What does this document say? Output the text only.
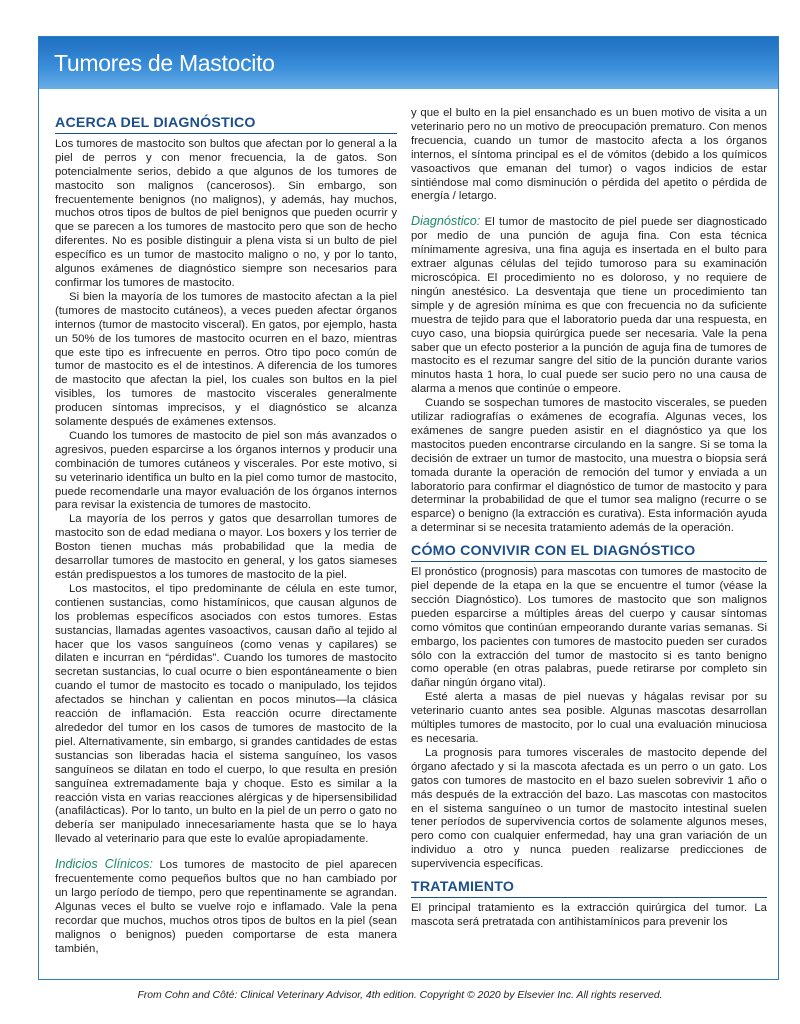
Tumores de Mastocito
ACERCA DEL DIAGNÓSTICO

Los tumores de mastocito son bultos que afectan por lo general a la piel de perros y con menor frecuencia, la de gatos. Son potencialmente serios, debido a que algunos de los tumores de mastocito son malignos (cancerosos). Sin embargo, son frecuentemente benignos (no malignos), y además, hay muchos, muchos otros tipos de bultos de piel benignos que pueden ocurrir y que se parecen a los tumores de mastocito pero que son de hecho diferentes. No es posible distinguir a plena vista si un bulto de piel específico es un tumor de mastocito maligno o no, y por lo tanto, algunos exámenes de diagnóstico siempre son necesarios para confirmar los tumores de mastocito.

Si bien la mayoría de los tumores de mastocito afectan a la piel (tumores de mastocito cutáneos), a veces pueden afectar órganos internos (tumor de mastocito visceral). En gatos, por ejemplo, hasta un 50% de los tumores de mastocito ocurren en el bazo, mientras que este tipo es infrecuente en perros. Otro tipo poco común de tumor de mastocito es el de intestinos. A diferencia de los tumores de mastocito que afectan la piel, los cuales son bultos en la piel visibles, los tumores de mastocito viscerales generalmente producen síntomas imprecisos, y el diagnóstico se alcanza solamente después de exámenes extensos.

Cuando los tumores de mastocito de piel son más avanzados o agresivos, pueden esparcirse a los órganos internos y producir una combinación de tumores cutáneos y viscerales. Por este motivo, si su veterinario identifica un bulto en la piel como tumor de mastocito, puede recomendarle una mayor evaluación de los órganos internos para revisar la existencia de tumores de mastocito.

La mayoría de los perros y gatos que desarrollan tumores de mastocito son de edad mediana o mayor. Los boxers y los terrier de Boston tienen muchas más probabilidad que la media de desarrollar tumores de mastocito en general, y los gatos siameses están predispuestos a los tumores de mastocito de la piel.

Los mastocitos, el tipo predominante de célula en este tumor, contienen sustancias, como histamínicos, que causan algunos de los problemas específicos asociados con estos tumores. Estas sustancias, llamadas agentes vasoactivos, causan daño al tejido al hacer que los vasos sanguíneos (como venas y capilares) se dilaten e incurran en “pérdidas”. Cuando los tumores de mastocito secretan sustancias, lo cual ocurre o bien espontáneamente o bien cuando el tumor de mastocito es tocado o manipulado, los tejidos afectados se hinchan y calientan en pocos minutos—la clásica reacción de inflamación. Esta reacción ocurre directamente alrededor del tumor en los casos de tumores de mastocito de la piel. Alternativamente, sin embargo, si grandes cantidades de estas sustancias son liberadas hacia el sistema sanguíneo, los vasos sanguíneos se dilatan en todo el cuerpo, lo que resulta en presión sanguínea extremadamente baja y choque. Esto es similar a la reacción vista en varias reacciones alérgicas y de hipersensibilidad (anafilácticas). Por lo tanto, un bulto en la piel de un perro o gato no debería ser manipulado innecesariamente hasta que se lo haya llevado al veterinario para que este lo evalúe apropiadamente.

Indicios Clínicos: Los tumores de mastocito de piel aparecen frecuentemente como pequeños bultos que no han cambiado por un largo período de tiempo, pero que repentinamente se agrandan. Algunas veces el bulto se vuelve rojo e inflamado. Vale la pena recordar que muchos, muchos otros tipos de bultos en la piel (sean malignos o benignos) pueden comportarse de esta manera también,

y que el bulto en la piel ensanchado es un buen motivo de visita a un veterinario pero no un motivo de preocupación prematuro. Con menos frecuencia, cuando un tumor de mastocito afecta a los órganos internos, el síntoma principal es el de vómitos (debido a los químicos vasoactivos que emanan del tumor) o vagos indicios de estar sintiéndose mal como disminución o pérdida del apetito o pérdida de energía / letargo.

Diagnóstico: El tumor de mastocito de piel puede ser diagnosticado por medio de una punción de aguja fina. Con esta técnica mínimamente agresiva, una fina aguja es insertada en el bulto para extraer algunas células del tejido tumoroso para su examinación microscópica. El procedimiento no es doloroso, y no requiere de ningún anestésico. La desventaja que tiene un procedimiento tan simple y de agresión mínima es que con frecuencia no da suficiente muestra de tejido para que el laboratorio pueda dar una respuesta, en cuyo caso, una biopsia quirúrgica puede ser necesaria. Vale la pena saber que un efecto posterior a la punción de aguja fina de tumores de mastocito es el rezumar sangre del sitio de la punción durante varios minutos hasta 1 hora, lo cual puede ser sucio pero no una causa de alarma a menos que continúe o empeore.

Cuando se sospechan tumores de mastocito viscerales, se pueden utilizar radiografías o exámenes de ecografía. Algunas veces, los exámenes de sangre pueden asistir en el diagnóstico ya que los mastocitos pueden encontrarse circulando en la sangre. Si se toma la decisión de extraer un tumor de mastocito, una muestra o biopsia será tomada durante la operación de remoción del tumor y enviada a un laboratorio para confirmar el diagnóstico de tumor de mastocito y para determinar la probabilidad de que el tumor sea maligno (recurre o se esparce) o benigno (la extracción es curativa). Esta información ayuda a determinar si se necesita tratamiento además de la operación.

CÓMO CONVIVIR CON EL DIAGNÓSTICO

El pronóstico (prognosis) para mascotas con tumores de mastocito de piel depende de la etapa en la que se encuentre el tumor (véase la sección Diagnóstico). Los tumores de mastocito que son malignos pueden esparcirse a múltiples áreas del cuerpo y causar síntomas como vómitos que continúan empeorando durante varias semanas. Si embargo, los pacientes con tumores de mastocito pueden ser curados sólo con la extracción del tumor de mastocito si es tanto benigno como operable (en otras palabras, puede retirarse por completo sin dañar ningún órgano vital).

Esté alerta a masas de piel nuevas y hágalas revisar por su veterinario cuanto antes sea posible. Algunas mascotas desarrollan múltiples tumores de mastocito, por lo cual una evaluación minuciosa es necesaria.

La prognosis para tumores viscerales de mastocito depende del órgano afectado y si la mascota afectada es un perro o un gato. Los gatos con tumores de mastocito en el bazo suelen sobrevivir 1 año o más después de la extracción del bazo. Las mascotas con mastocitos en el sistema sanguíneo o un tumor de mastocito intestinal suelen tener períodos de supervivencia cortos de solamente algunos meses, pero como con cualquier enfermedad, hay una gran variación de un individuo a otro y nunca pueden realizarse predicciones de supervivencia específicas.

TRATAMIENTO

El principal tratamiento es la extracción quirúrgica del tumor. La mascota será pretratada con antihistamínicos para prevenir los

From Cohn and Côté: Clinical Veterinary Advisor, 4th edition. Copyright © 2020 by Elsevier Inc. All rights reserved.
